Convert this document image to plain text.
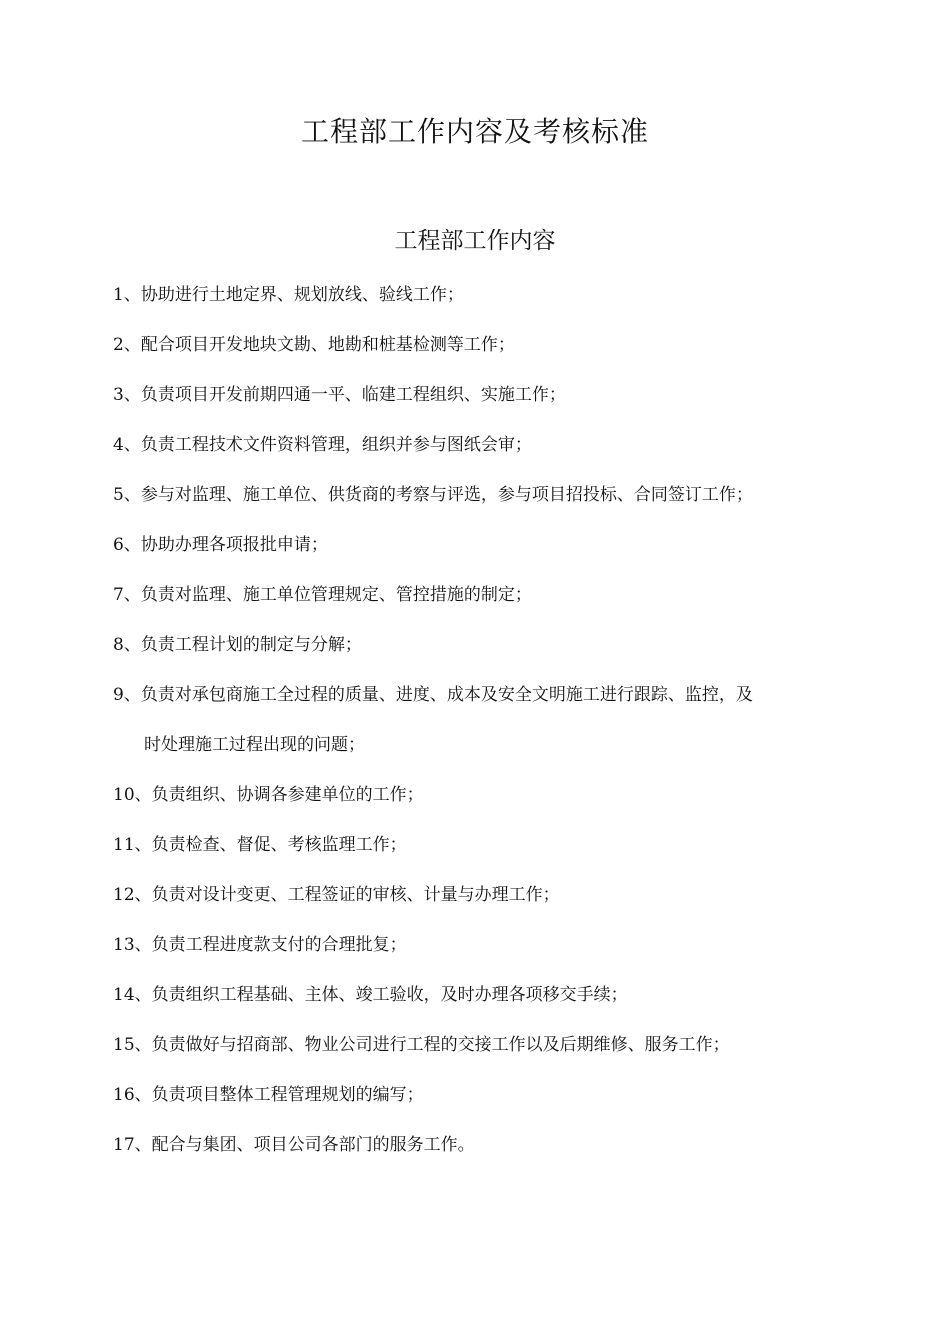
工程部工作内容及考核标准
工程部工作内容
1、协助进行土地定界、规划放线、验线工作；
2、配合项目开发地块文勘、地勘和桩基检测等工作；
3、负责项目开发前期四通一平、临建工程组织、实施工作；
4、负责工程技术文件资料管理，组织并参与图纸会审；
5、参与对监理、施工单位、供货商的考察与评选，参与项目招投标、合同签订工作；
6、协助办理各项报批申请；
7、负责对监理、施工单位管理规定、管控措施的制定；
8、负责工程计划的制定与分解；
9、负责对承包商施工全过程的质量、进度、成本及安全文明施工进行跟踪、监控，及
时处理施工过程出现的问题；
10、负责组织、协调各参建单位的工作；
11、负责检查、督促、考核监理工作；
12、负责对设计变更、工程签证的审核、计量与办理工作；
13、负责工程进度款支付的合理批复；
14、负责组织工程基础、主体、竣工验收，及时办理各项移交手续；
15、负责做好与招商部、物业公司进行工程的交接工作以及后期维修、服务工作；
16、负责项目整体工程管理规划的编写；
17、配合与集团、项目公司各部门的服务工作。
